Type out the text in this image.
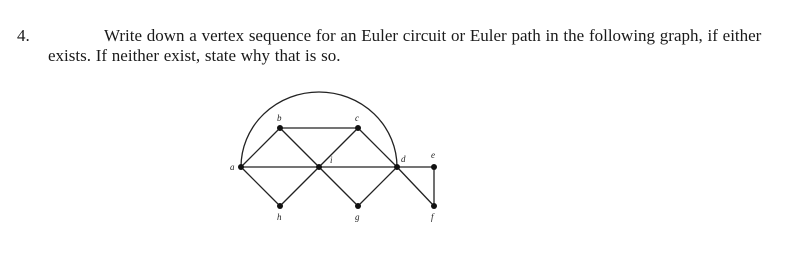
4.	Write down a vertex sequence for an Euler circuit or Euler path in the following graph, if either exists. If neither exist, state why that is so.
a
b	c
i	d	e
h	g	f
